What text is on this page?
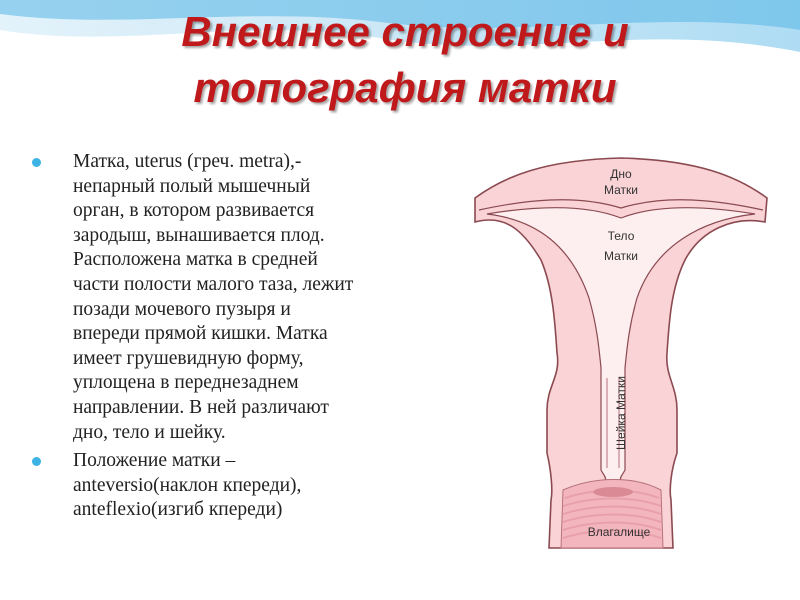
Внешнее строение и
топография матки
Матка, uterus (греч. metra),-
непарный полый мышечный
орган, в котором развивается
зародыш, вынашивается плод.
Расположена матка в средней
части полости малого таза, лежит
позади мочевого пузыря и
впереди прямой кишки. Матка
имеет грушевидную форму,
уплощена в переднезаднем
направлении. В ней различают
дно, тело и шейку.
Положение матки –
anteversio(наклон кпереди),
anteflexio(изгиб кпереди)
Дно
Матки
Тело
Матки
Шейка Матки
Влагалище
